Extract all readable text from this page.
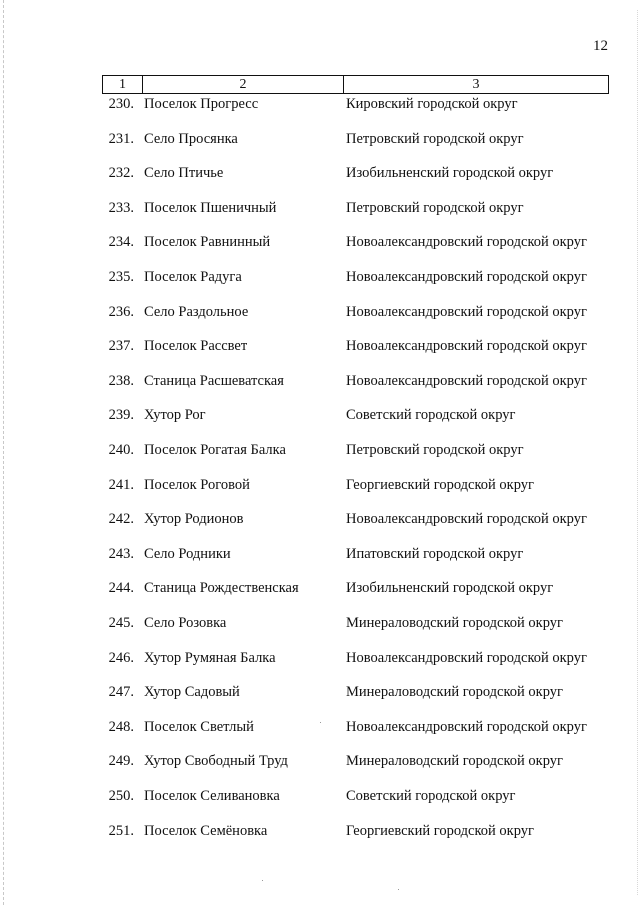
12
1	2	3
230. Поселок Прогресс	Кировский городской округ
231. Село Просянка	Петровский городской округ
232. Село Птичье	Изобильненский городской округ
233. Поселок Пшеничный	Петровский городской округ
234. Поселок Равнинный	Новоалександровский городской округ
235. Поселок Радуга	Новоалександровский городской округ
236. Село Раздольное	Новоалександровский городской округ
237. Поселок Рассвет	Новоалександровский городской округ
238. Станица Расшеватская	Новоалександровский городской округ
239. Хутор Рог	Советский городской округ
240. Поселок Рогатая Балка	Петровский городской округ
241. Поселок Роговой	Георгиевский городской округ
242. Хутор Родионов	Новоалександровский городской округ
243. Село Родники	Ипатовский городской округ
244. Станица Рождественская	Изобильненский городской округ
245. Село Розовка	Минераловодский городской округ
246. Хутор Румяная Балка	Новоалександровский городской округ
247. Хутор Садовый	Минераловодский городской округ
248. Поселок Светлый	Новоалександровский городской округ
249. Хутор Свободный Труд	Минераловодский городской округ
250. Поселок Селивановка	Советский городской округ
251. Поселок Семёновка	Георгиевский городской округ
